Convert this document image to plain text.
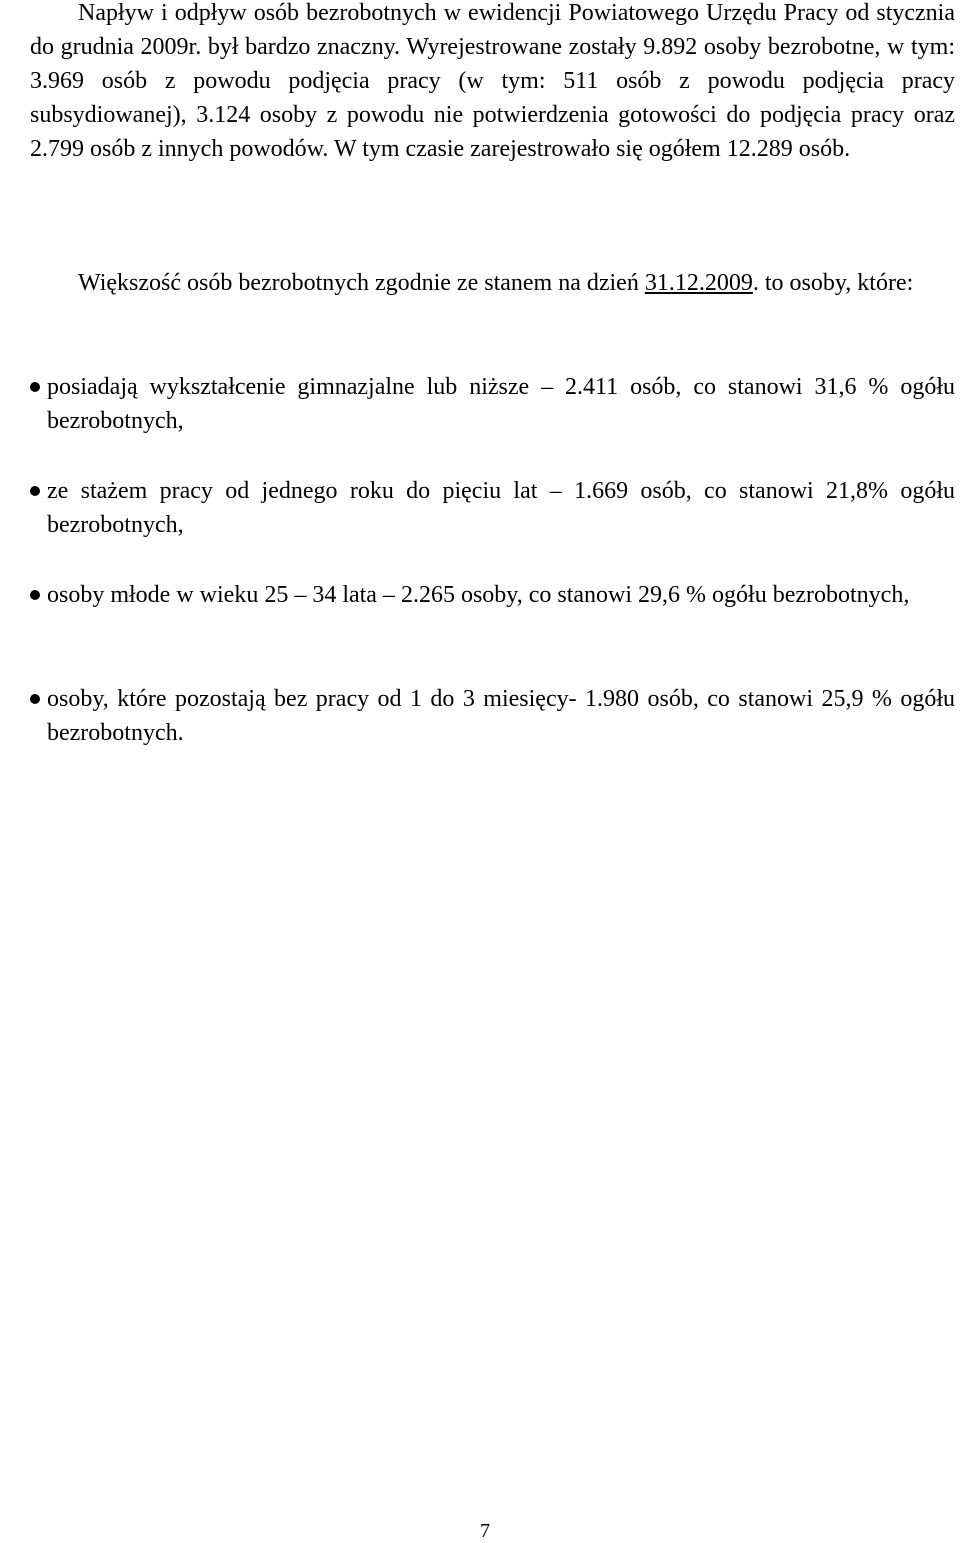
Napływ i odpływ osób bezrobotnych w ewidencji Powiatowego Urzędu Pracy od stycznia do grudnia 2009r. był bardzo znaczny. Wyrejestrowane zostały 9.892 osoby bezrobotne, w tym: 3.969 osób z powodu podjęcia pracy (w tym: 511 osób z powodu podjęcia pracy subsydiowanej), 3.124 osoby z powodu nie potwierdzenia gotowości do podjęcia pracy oraz 2.799 osób z innych powodów. W tym czasie zarejestrowało się ogółem 12.289 osób.

Większość osób bezrobotnych zgodnie ze stanem na dzień 31.12.2009. to osoby, które:

posiadają wykształcenie gimnazjalne lub niższe – 2.411 osób, co stanowi 31,6 % ogółu bezrobotnych,
ze stażem pracy od jednego roku do pięciu lat – 1.669 osób, co stanowi 21,8% ogółu bezrobotnych,
osoby młode w wieku 25 – 34 lata – 2.265 osoby, co stanowi 29,6 % ogółu bezrobotnych,
osoby, które pozostają bez pracy od 1 do 3 miesięcy- 1.980 osób, co stanowi 25,9 % ogółu bezrobotnych.
7
